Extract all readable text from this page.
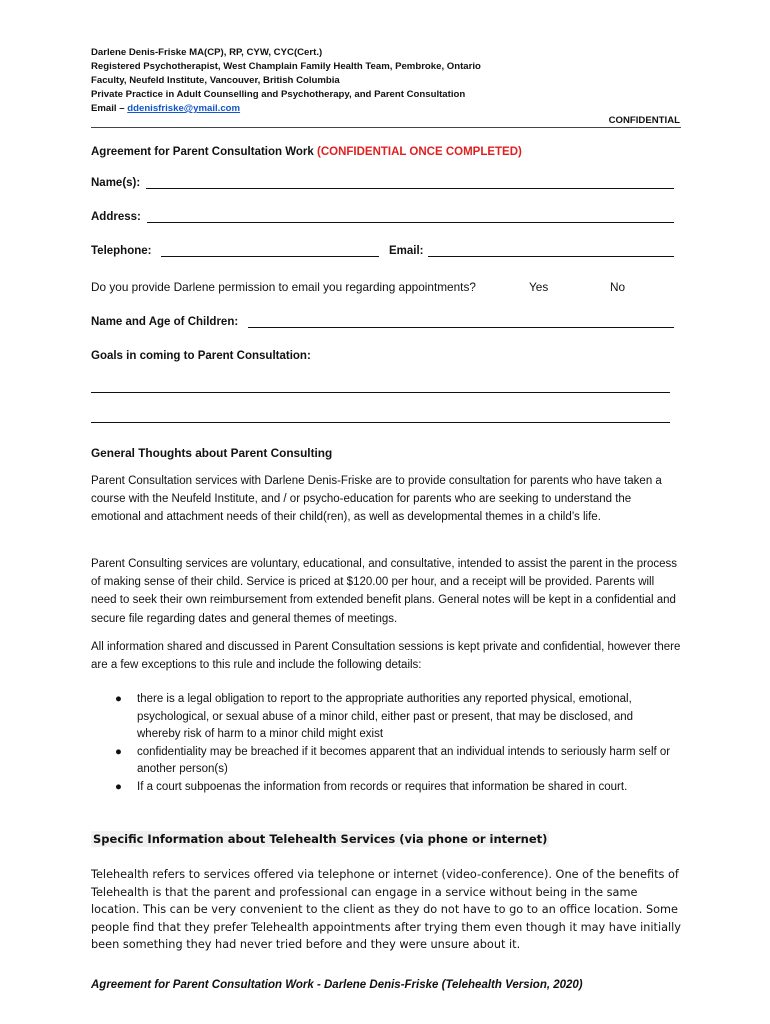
Darlene Denis-Friske MA(CP), RP, CYW, CYC(Cert.)
Registered Psychotherapist, West Champlain Family Health Team, Pembroke, Ontario
Faculty, Neufeld Institute, Vancouver, British Columbia
Private Practice in Adult Counselling and Psychotherapy, and Parent Consultation
Email – ddenisfriske@ymail.com
CONFIDENTIAL
Agreement for Parent Consultation Work (CONFIDENTIAL ONCE COMPLETED)
Name(s):
Address:
Telephone:	Email:
Do you provide Darlene permission to email you regarding appointments?	Yes	No
Name and Age of Children:
Goals in coming to Parent Consultation:
General Thoughts about Parent Consulting

Parent Consultation services with Darlene Denis-Friske are to provide consultation for parents who have taken a course with the Neufeld Institute, and / or psycho-education for parents who are seeking to understand the emotional and attachment needs of their child(ren), as well as developmental themes in a child’s life.

Parent Consulting services are voluntary, educational, and consultative, intended to assist the parent in the process of making sense of their child. Service is priced at $120.00 per hour, and a receipt will be provided. Parents will need to seek their own reimbursement from extended benefit plans. General notes will be kept in a confidential and secure file regarding dates and general themes of meetings.

All information shared and discussed in Parent Consultation sessions is kept private and confidential, however there are a few exceptions to this rule and include the following details:

● there is a legal obligation to report to the appropriate authorities any reported physical, emotional, psychological, or sexual abuse of a minor child, either past or present, that may be disclosed, and whereby risk of harm to a minor child might exist
● confidentiality may be breached if it becomes apparent that an individual intends to seriously harm self or another person(s)
● If a court subpoenas the information from records or requires that information be shared in court.
Specific Information about Telehealth Services (via phone or internet)
Telehealth refers to services offered via telephone or internet (video-conference). One of the benefits of Telehealth is that the parent and professional can engage in a service without being in the same location. This can be very convenient to the client as they do not have to go to an office location. Some people find that they prefer Telehealth appointments after trying them even though it may have initially been something they had never tried before and they were unsure about it.
Agreement for Parent Consultation Work - Darlene Denis-Friske (Telehealth Version, 2020)
